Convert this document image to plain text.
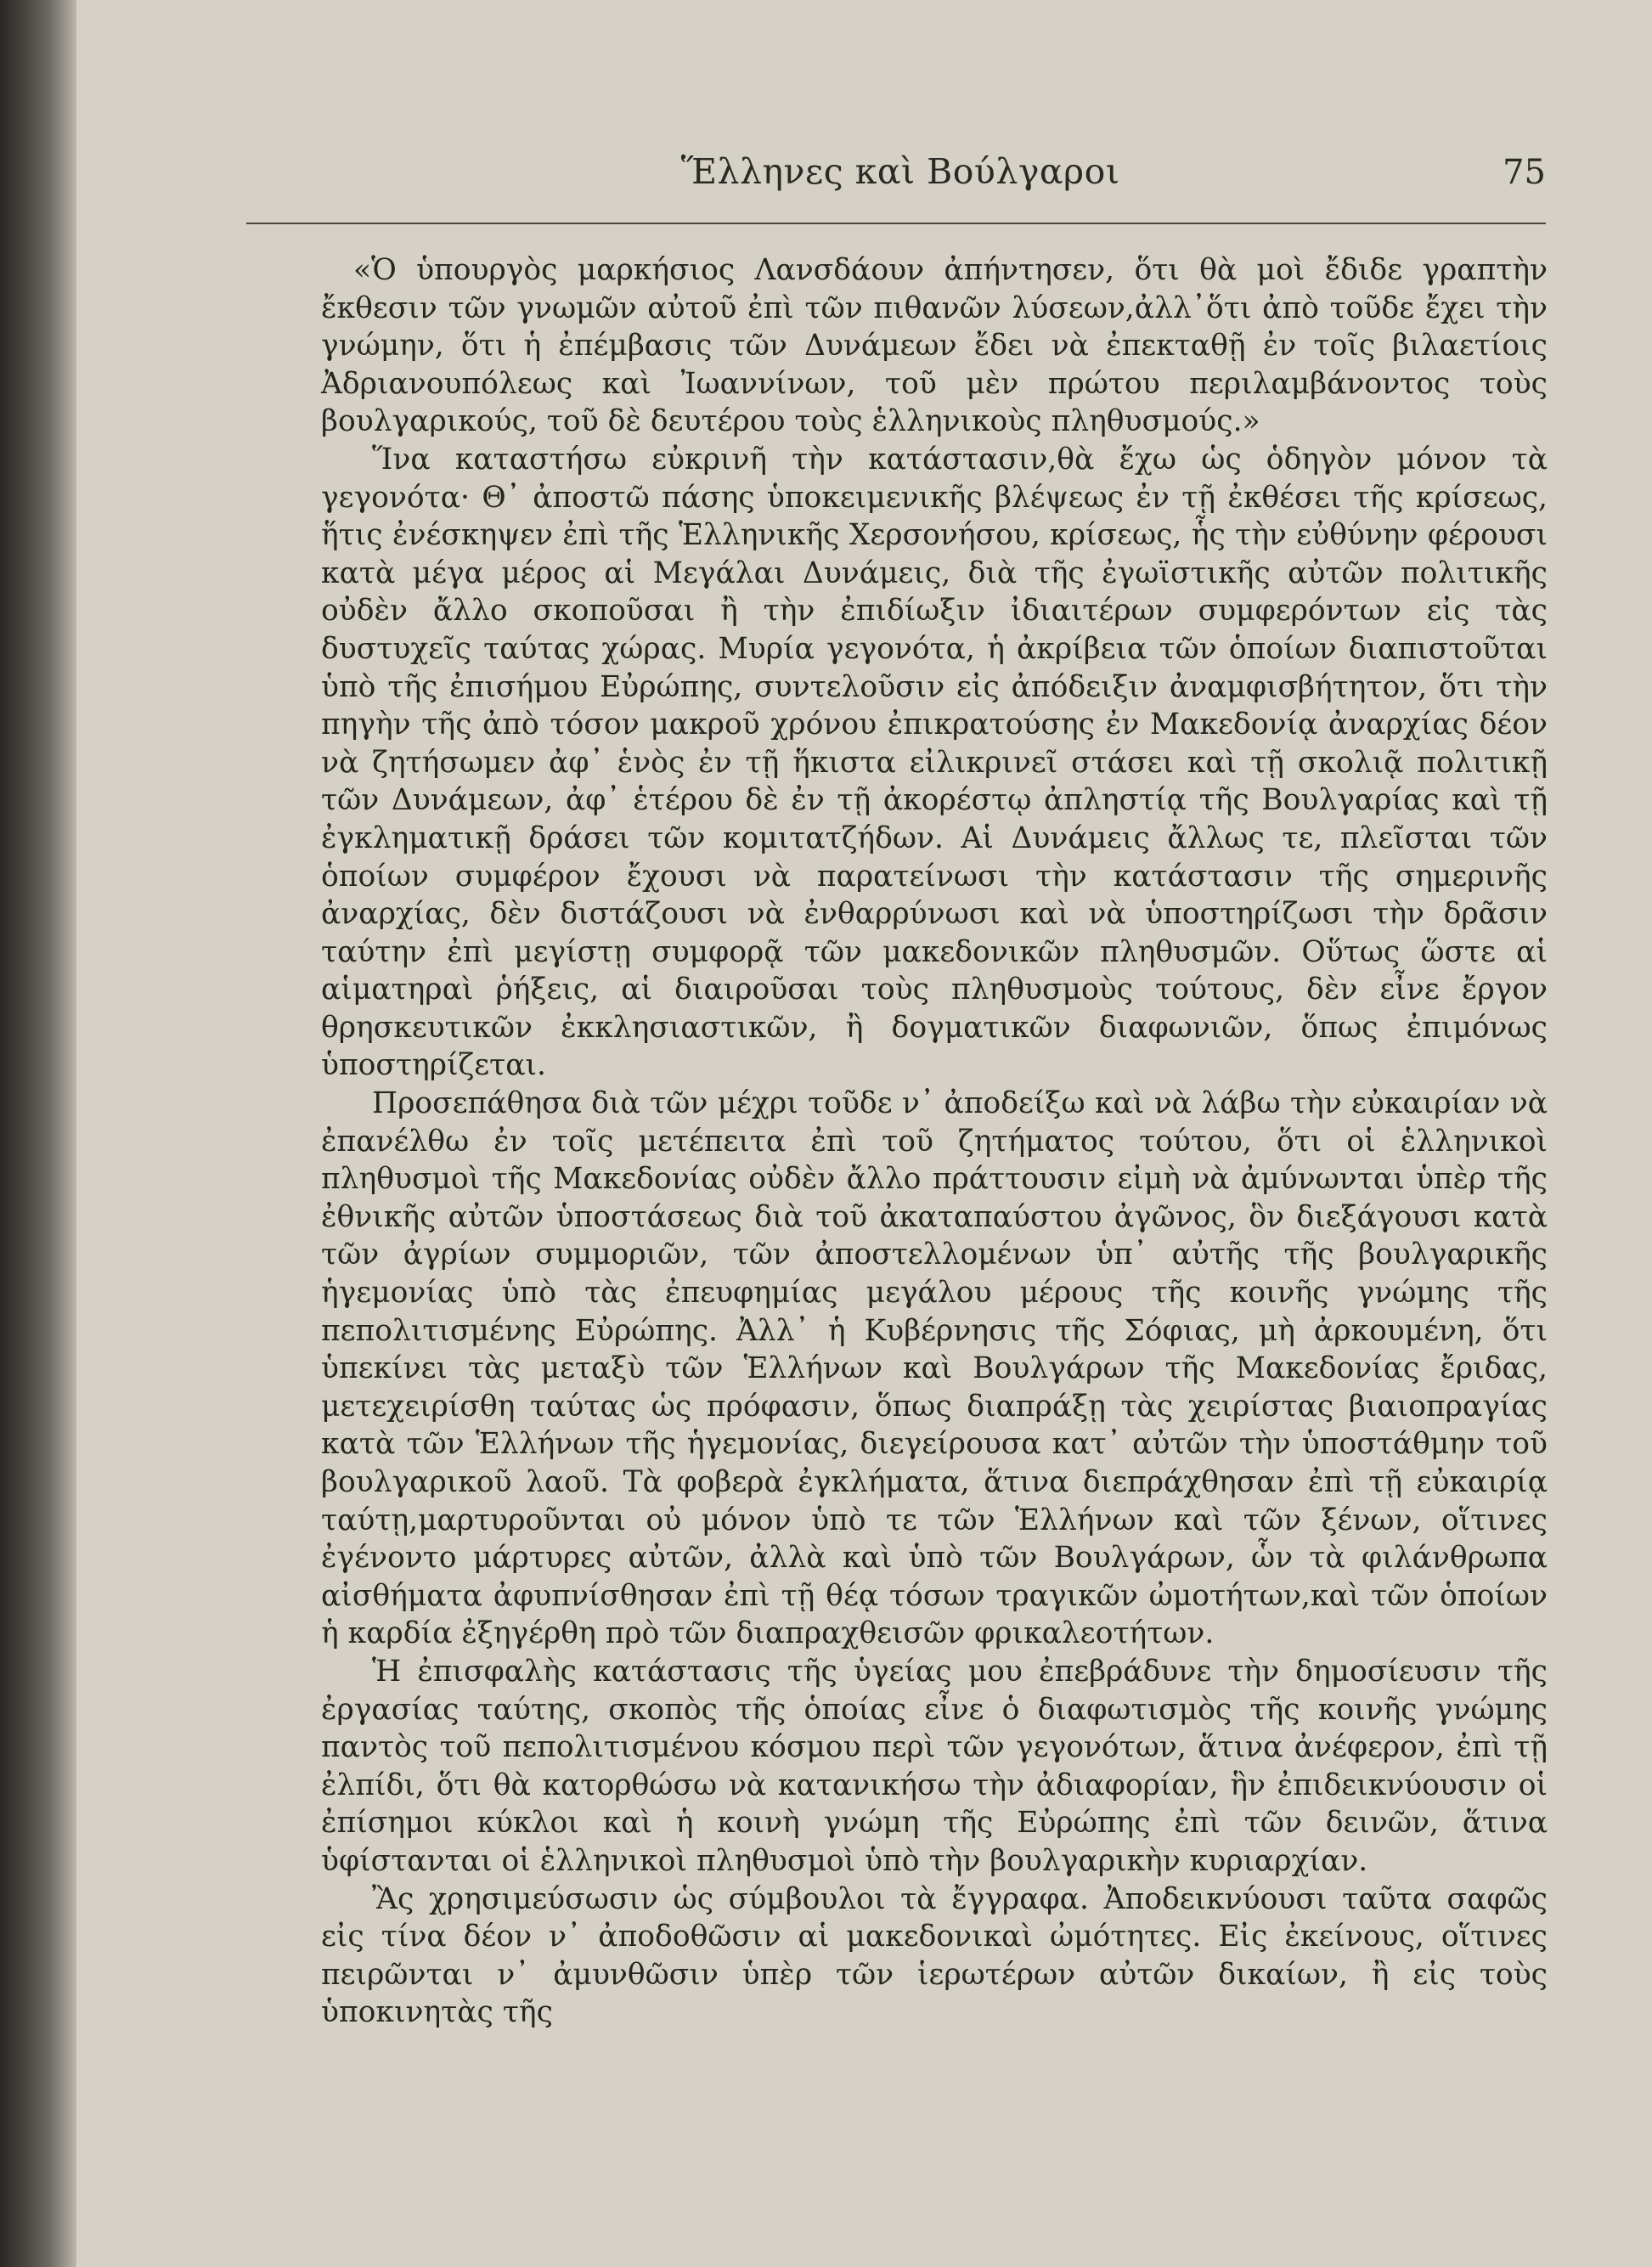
Ἕλληνες καὶ Βούλγαροι	75

«Ὁ ὑπουργὸς μαρκήσιος Λανσδάουν ἀπήντησεν, ὅτι θὰ μοὶ ἔδιδε γραπτὴν ἔκθεσιν τῶν γνωμῶν αὐτοῦ ἐπὶ τῶν πιθανῶν λύσεων,ἀλλ᾿ὅτι ἀπὸ τοῦδε ἔχει τὴν γνώμην, ὅτι ἡ ἐπέμβασις τῶν Δυνάμεων ἔδει νὰ ἐπεκταθῇ ἐν τοῖς βιλαετίοις Ἀδριανουπόλεως καὶ Ἰωαννίνων, τοῦ μὲν πρώτου περιλαμβάνοντος τοὺς βουλγαρικούς, τοῦ δὲ δευτέρου τοὺς ἑλληνικοὺς πληθυσμούς.»

Ἵνα καταστήσω εὐκρινῆ τὴν κατάστασιν,θὰ ἔχω ὡς ὁδηγὸν μόνον τὰ γεγονότα· Θ᾿ ἀποστῶ πάσης ὑποκειμενικῆς βλέψεως ἐν τῇ ἐκθέσει τῆς κρίσεως, ἥτις ἐνέσκηψεν ἐπὶ τῆς Ἑλληνικῆς Χερσονήσου, κρίσεως, ἧς τὴν εὐθύνην φέρουσι κατὰ μέγα μέρος αἱ Μεγάλαι Δυνάμεις, διὰ τῆς ἐγωϊστικῆς αὐτῶν πολιτικῆς οὐδὲν ἄλλο σκοποῦσαι ἢ τὴν ἐπιδίωξιν ἰδιαιτέρων συμφερόντων εἰς τὰς δυστυχεῖς ταύτας χώρας. Μυρία γεγονότα, ἡ ἀκρίβεια τῶν ὁποίων διαπιστοῦται ὑπὸ τῆς ἐπισήμου Εὐρώπης, συντελοῦσιν εἰς ἀπόδειξιν ἀναμφισβήτητον, ὅτι τὴν πηγὴν τῆς ἀπὸ τόσον μακροῦ χρόνου ἐπικρατούσης ἐν Μακεδονίᾳ ἀναρχίας δέον νὰ ζητήσωμεν ἀφ᾿ ἑνὸς ἐν τῇ ἥκιστα εἰλικρινεῖ στάσει καὶ τῇ σκολιᾷ πολιτικῇ τῶν Δυνάμεων, ἀφ᾿ ἑτέρου δὲ ἐν τῇ ἀκορέστῳ ἀπληστίᾳ τῆς Βουλγαρίας καὶ τῇ ἐγκληματικῇ δράσει τῶν κομιτατζήδων. Αἱ Δυνάμεις ἄλλως τε, πλεῖσται τῶν ὁποίων συμφέρον ἔχουσι νὰ παρατείνωσι τὴν κατάστασιν τῆς σημερινῆς ἀναρχίας, δὲν διστάζουσι νὰ ἐνθαρρύνωσι καὶ νὰ ὑποστηρίζωσι τὴν δρᾶσιν ταύτην ἐπὶ μεγίστῃ συμφορᾷ τῶν μακεδονικῶν πληθυσμῶν. Οὕτως ὥστε αἱ αἱματηραὶ ῥήξεις, αἱ διαιροῦσαι τοὺς πληθυσμοὺς τούτους, δὲν εἶνε ἔργον θρησκευτικῶν ἐκκλησιαστικῶν, ἢ δογματικῶν διαφωνιῶν, ὅπως ἐπιμόνως ὑποστηρίζεται.

Προσεπάθησα διὰ τῶν μέχρι τοῦδε ν᾿ ἀποδείξω καὶ νὰ λάβω τὴν εὐκαιρίαν νὰ ἐπανέλθω ἐν τοῖς μετέπειτα ἐπὶ τοῦ ζητήματος τούτου, ὅτι οἱ ἑλληνικοὶ πληθυσμοὶ τῆς Μακεδονίας οὐδὲν ἄλλο πράττουσιν εἰμὴ νὰ ἀμύνωνται ὑπὲρ τῆς ἐθνικῆς αὐτῶν ὑποστάσεως διὰ τοῦ ἀκαταπαύστου ἀγῶνος, ὃν διεξάγουσι κατὰ τῶν ἀγρίων συμμοριῶν, τῶν ἀποστελλομένων ὑπ᾿ αὐτῆς τῆς βουλγαρικῆς ἡγεμονίας ὑπὸ τὰς ἐπευφημίας μεγάλου μέρους τῆς κοινῆς γνώμης τῆς πεπολιτισμένης Εὐρώπης. Ἀλλ᾿ ἡ Κυβέρνησις τῆς Σόφιας, μὴ ἀρκουμένη, ὅτι ὑπεκίνει τὰς μεταξὺ τῶν Ἑλλήνων καὶ Βουλγάρων τῆς Μακεδονίας ἔριδας, μετεχειρίσθη ταύτας ὡς πρόφασιν, ὅπως διαπράξῃ τὰς χειρίστας βιαιοπραγίας κατὰ τῶν Ἑλλήνων τῆς ἡγεμονίας, διεγείρουσα κατ᾿ αὐτῶν τὴν ὑποστάθμην τοῦ βουλγαρικοῦ λαοῦ. Τὰ φοβερὰ ἐγκλήματα, ἅτινα διεπράχθησαν ἐπὶ τῇ εὐκαιρίᾳ ταύτῃ,μαρτυροῦνται οὐ μόνον ὑπὸ τε τῶν Ἑλλήνων καὶ τῶν ξένων, οἵτινες ἐγένοντο μάρτυρες αὐτῶν, ἀλλὰ καὶ ὑπὸ τῶν Βουλγάρων, ὧν τὰ φιλάνθρωπα αἰσθήματα ἀφυπνίσθησαν ἐπὶ τῇ θέᾳ τόσων τραγικῶν ὠμοτήτων,καὶ τῶν ὁποίων ἡ καρδία ἐξηγέρθη πρὸ τῶν διαπραχθεισῶν φρικαλεοτήτων.

Ἡ ἐπισφαλὴς κατάστασις τῆς ὑγείας μου ἐπεβράδυνε τὴν δημοσίευσιν τῆς ἐργασίας ταύτης, σκοπὸς τῆς ὁποίας εἶνε ὁ διαφωτισμὸς τῆς κοινῆς γνώμης παντὸς τοῦ πεπολιτισμένου κόσμου περὶ τῶν γεγονότων, ἅτινα ἀνέφερον, ἐπὶ τῇ ἐλπίδι, ὅτι θὰ κατορθώσω νὰ κατανικήσω τὴν ἀδιαφορίαν, ἣν ἐπιδεικνύουσιν οἱ ἐπίσημοι κύκλοι καὶ ἡ κοινὴ γνώμη τῆς Εὐρώπης ἐπὶ τῶν δεινῶν, ἅτινα ὑφίστανται οἱ ἑλληνικοὶ πληθυσμοὶ ὑπὸ τὴν βουλγαρικὴν κυριαρχίαν.

Ἂς χρησιμεύσωσιν ὡς σύμβουλοι τὰ ἔγγραφα. Ἀποδεικνύουσι ταῦτα σαφῶς εἰς τίνα δέον ν᾿ ἀποδοθῶσιν αἱ μακεδονικαὶ ὠμότητες. Εἰς ἐκείνους, οἵτινες πειρῶνται ν᾿ ἀμυνθῶσιν ὑπὲρ τῶν ἱερωτέρων αὐτῶν δικαίων, ἢ εἰς τοὺς ὑποκινητὰς τῆς
